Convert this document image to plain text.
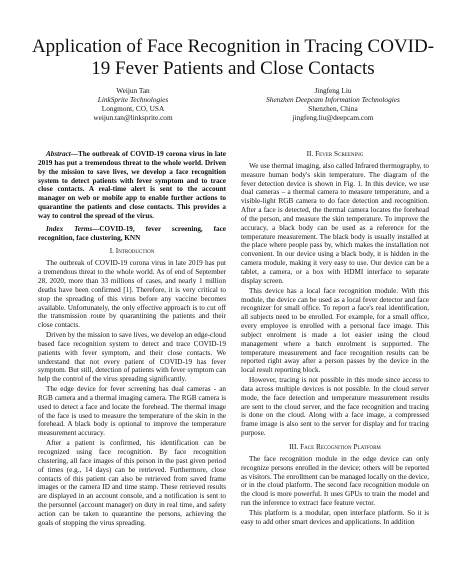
Application of Face Recognition in Tracing COVID-19 Fever Patients and Close Contacts
Weijun Tan
LinkSprite Technologies
Longmont, CO, USA
weijun.tan@linksprite.com
Jingfeng Liu
Shenzhen Deepcam Information Technologies
Shenzhen, China
jingfeng.liu@deepcam.com

Abstract—The outbreak of COVID-19 corona virus in late 2019 has put a tremendous threat to the whole world. Driven by the mission to save lives, we develop a face recognition system to detect patients with fever symptom and to trace close contacts. A real-time alert is sent to the account manager on web or mobile app to enable further actions to quarantine the patients and close contacts. This provides a way to control the spread of the virus.

Index Terms—COVID-19, fever screening, face recognition, face clustering, KNN

I. Introduction

The outbreak of COVID-19 corona virus in late 2019 has put a tremendous threat to the whole world. As of end of September 28, 2020, more than 33 millions of cases, and nearly 1 million deaths have been confirmed [1]. Therefore, it is very critical to stop the spreading of this virus before any vaccine becomes available. Unfortunately, the only effective approach is to cut off the transmission route by quarantining the patients and their close contacts.

Driven by the mission to save lives, we develop an edge-cloud based face recognition system to detect and trace COVID-19 patients with fever symptom, and their close contacts. We understand that not every patient of COVID-19 has fever symptom. But still, detection of patients with fever symptom can help the control of the virus spreading significantly.

The edge device for fever screening has dual cameras - an RGB camera and a thermal imaging camera. The RGB camera is used to detect a face and locate the forehead. The thermal image of the face is used to measure the temperature of the skin in the forehead. A black body is optional to improve the temperature measurement accuracy.

After a patient is confirmed, his identification can be recognized using face recognition. By face recognition clustering, all face images of this person in the past given period of times (e.g., 14 days) can be retrieved. Furthermore, close contacts of this patient can also be retrieved from saved frame images or the camera ID and time stamp. These retrieved results are displayed in an account console, and a notification is sent to the personnel (account manager) on duty in real time, and safety action can be taken to quarantine the persons, achieving the goals of stopping the virus spreading.

II. Fever Screening

We use thermal imaging, also called Infrared thermography, to measure human body's skin temperature. The diagram of the fever detection device is shown in Fig. 1. In this device, we use dual cameras – a thermal camera to measure temperature, and a visible-light RGB camera to do face detection and recognition. After a face is detected, the thermal camera locates the forehead of the person, and measure the skin temperature. To improve the accuracy, a black body can be used as a reference for the temperature measurement. The black body is usually installed at the place where people pass by, which makes the installation not convenient. In our device using a black body, it is hidden in the camera module, making it very easy to use. Our device can be a tablet, a camera, or a box with HDMI interface to separate display screen.

This device has a local face recognition module. With this module, the device can be used as a local fever detector and face recognizer for small office. To report a face's real identification, all subjects need to be enrolled. For example, for a small office, every employee is enrolled with a personal face image. This subject enrolment is made a lot easier using the cloud management where a batch enrolment is supported. The temperature measurement and face recognition results can be reported right away after a person passes by the device in the local result reporting block.

However, tracing is not possible in this mode since access to data across multiple devices is not possible. In the cloud server mode, the face detection and temperature measurement results are sent to the cloud server, and the face recognition and tracing is done on the cloud. Along with a face image, a compressed frame image is also sent to the server for display and for tracing purpose.

III. Face Recognition Platform

The face recognition module in the edge device can only recognize persons enrolled in the device; others will be reported as visitors. The enrollment can be managed locally on the device, or in the cloud platform. The second face recognition module on the cloud is more powerful. It uses GPUs to train the model and run the inference to extract face feature vector.

This platform is a modular, open interface platform. So it is easy to add other smart devices and applications. In addition
